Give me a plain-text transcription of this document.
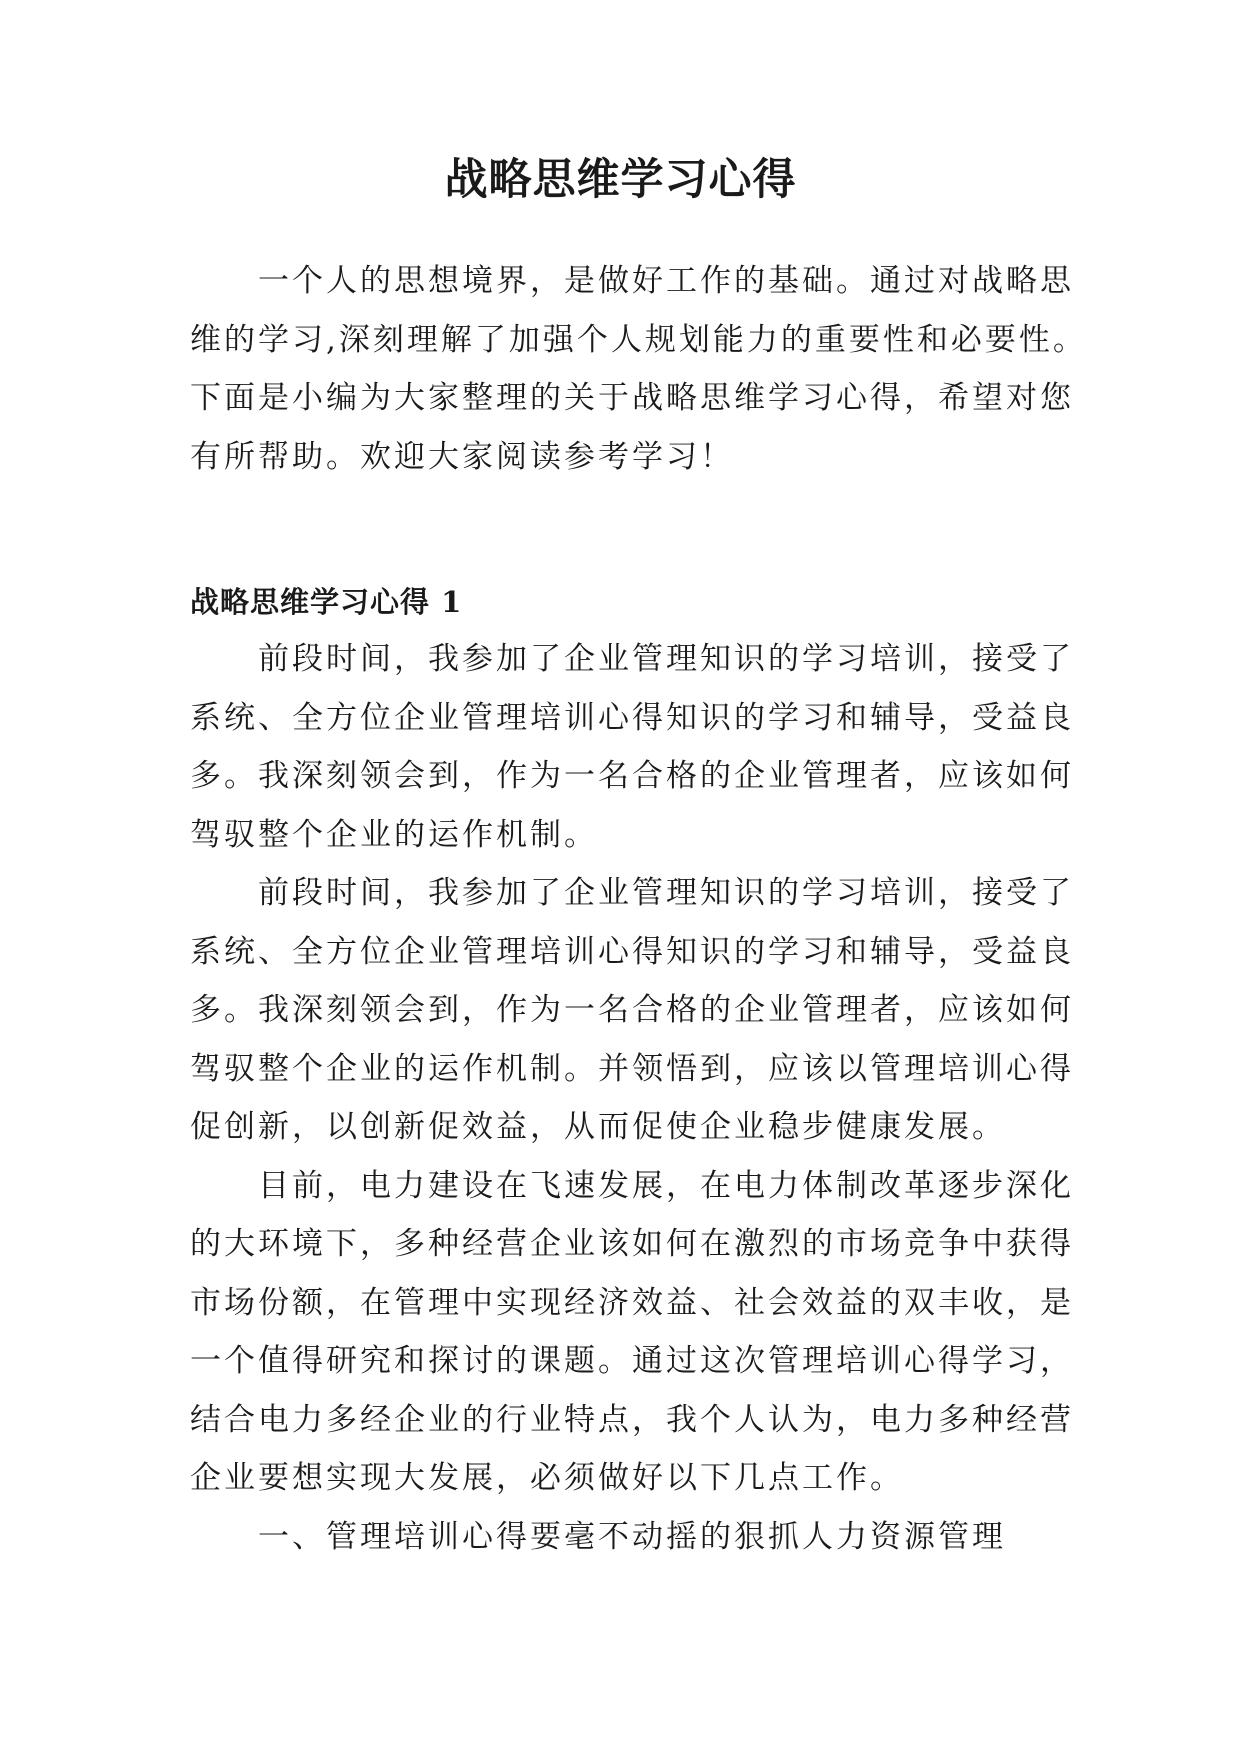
战略思维学习心得
一个人的思想境界，是做好工作的基础。通过对战略思
维的学习,深刻理解了加强个人规划能力的重要性和必要性。
下面是小编为大家整理的关于战略思维学习心得，希望对您
有所帮助。欢迎大家阅读参考学习！
战略思维学习心得 1
前段时间，我参加了企业管理知识的学习培训，接受了
系统、全方位企业管理培训心得知识的学习和辅导，受益良
多。我深刻领会到，作为一名合格的企业管理者，应该如何
驾驭整个企业的运作机制。
前段时间，我参加了企业管理知识的学习培训，接受了
系统、全方位企业管理培训心得知识的学习和辅导，受益良
多。我深刻领会到，作为一名合格的企业管理者，应该如何
驾驭整个企业的运作机制。并领悟到，应该以管理培训心得
促创新，以创新促效益，从而促使企业稳步健康发展。
目前，电力建设在飞速发展，在电力体制改革逐步深化
的大环境下，多种经营企业该如何在激烈的市场竞争中获得
市场份额，在管理中实现经济效益、社会效益的双丰收，是
一个值得研究和探讨的课题。通过这次管理培训心得学习，
结合电力多经企业的行业特点，我个人认为，电力多种经营
企业要想实现大发展，必须做好以下几点工作。
一、管理培训心得要毫不动摇的狠抓人力资源管理
